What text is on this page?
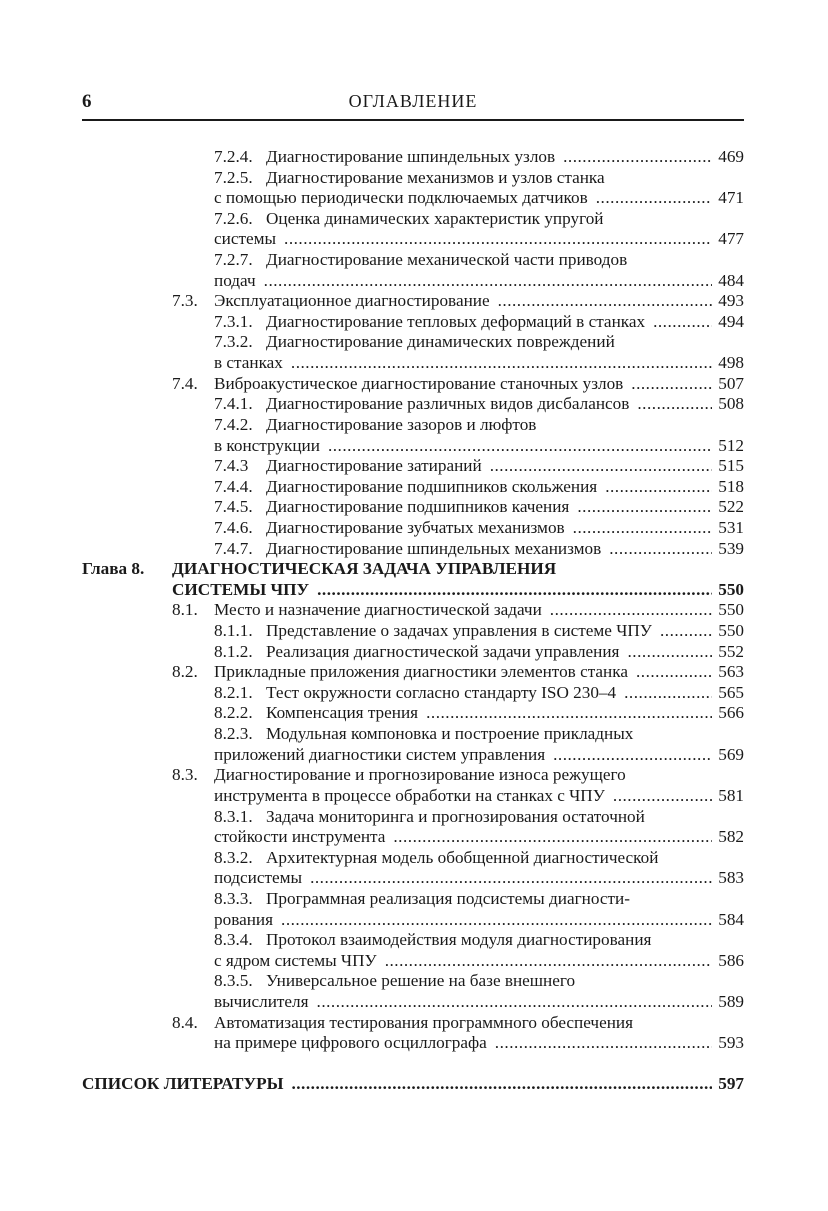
6	ОГЛАВЛЕНИЕ
7.2.4. Диагностирование шпиндельных узлов	469
.....
7.2.5. Диагностирование механизмов и узлов станка
с помощью периодически подключаемых датчиков	471
.....
7.2.6. Оценка динамических характеристик упругой
системы	477
.....
7.2.7. Диагностирование механической части приводов
подач	484
.....
7.3. Эксплуатационное диагностирование	493
.....
7.3.1. Диагностирование тепловых деформаций в станках	494
.....
7.3.2. Диагностирование динамических повреждений
в станках	498
.....
7.4. Виброакустическое диагностирование станочных узлов	507
.....
7.4.1. Диагностирование различных видов дисбалансов	508
.....
7.4.2. Диагностирование зазоров и люфтов
в конструкции	512
.....
7.4.3 Диагностирование затираний	515
.....
7.4.4. Диагностирование подшипников скольжения	518
.....
7.4.5. Диагностирование подшипников качения	522
.....
7.4.6. Диагностирование зубчатых механизмов	531
.....
7.4.7. Диагностирование шпиндельных механизмов	539
.....
Глава 8. ДИАГНОСТИЧЕСКАЯ ЗАДАЧА УПРАВЛЕНИЯ
СИСТЕМЫ ЧПУ	550
.....
8.1. Место и назначение диагностической задачи	550
.....
8.1.1. Представление о задачах управления в системе ЧПУ	550
.....
8.1.2. Реализация диагностической задачи управления	552
.....
8.2. Прикладные приложения диагностики элементов станка	563
.....
8.2.1. Тест окружности согласно стандарту ISO 230–4	565
.....
8.2.2. Компенсация трения	566
.....
8.2.3. Модульная компоновка и построение прикладных
приложений диагностики систем управления	569
.....
8.3. Диагностирование и прогнозирование износа режущего
инструмента в процессе обработки на станках с ЧПУ	581
.....
8.3.1. Задача мониторинга и прогнозирования остаточной
стойкости инструмента	582
.....
8.3.2. Архитектурная модель обобщенной диагностической
подсистемы	583
.....
8.3.3. Программная реализация подсистемы диагности-
рования	584
.....
8.3.4. Протокол взаимодействия модуля диагностирования
с ядром системы ЧПУ	586
.....
8.3.5. Универсальное решение на базе внешнего
вычислителя	589
.....
8.4. Автоматизация тестирования программного обеспечения
на примере цифрового осциллографа	593
.....
СПИСОК ЛИТЕРАТУРЫ	597
.....
